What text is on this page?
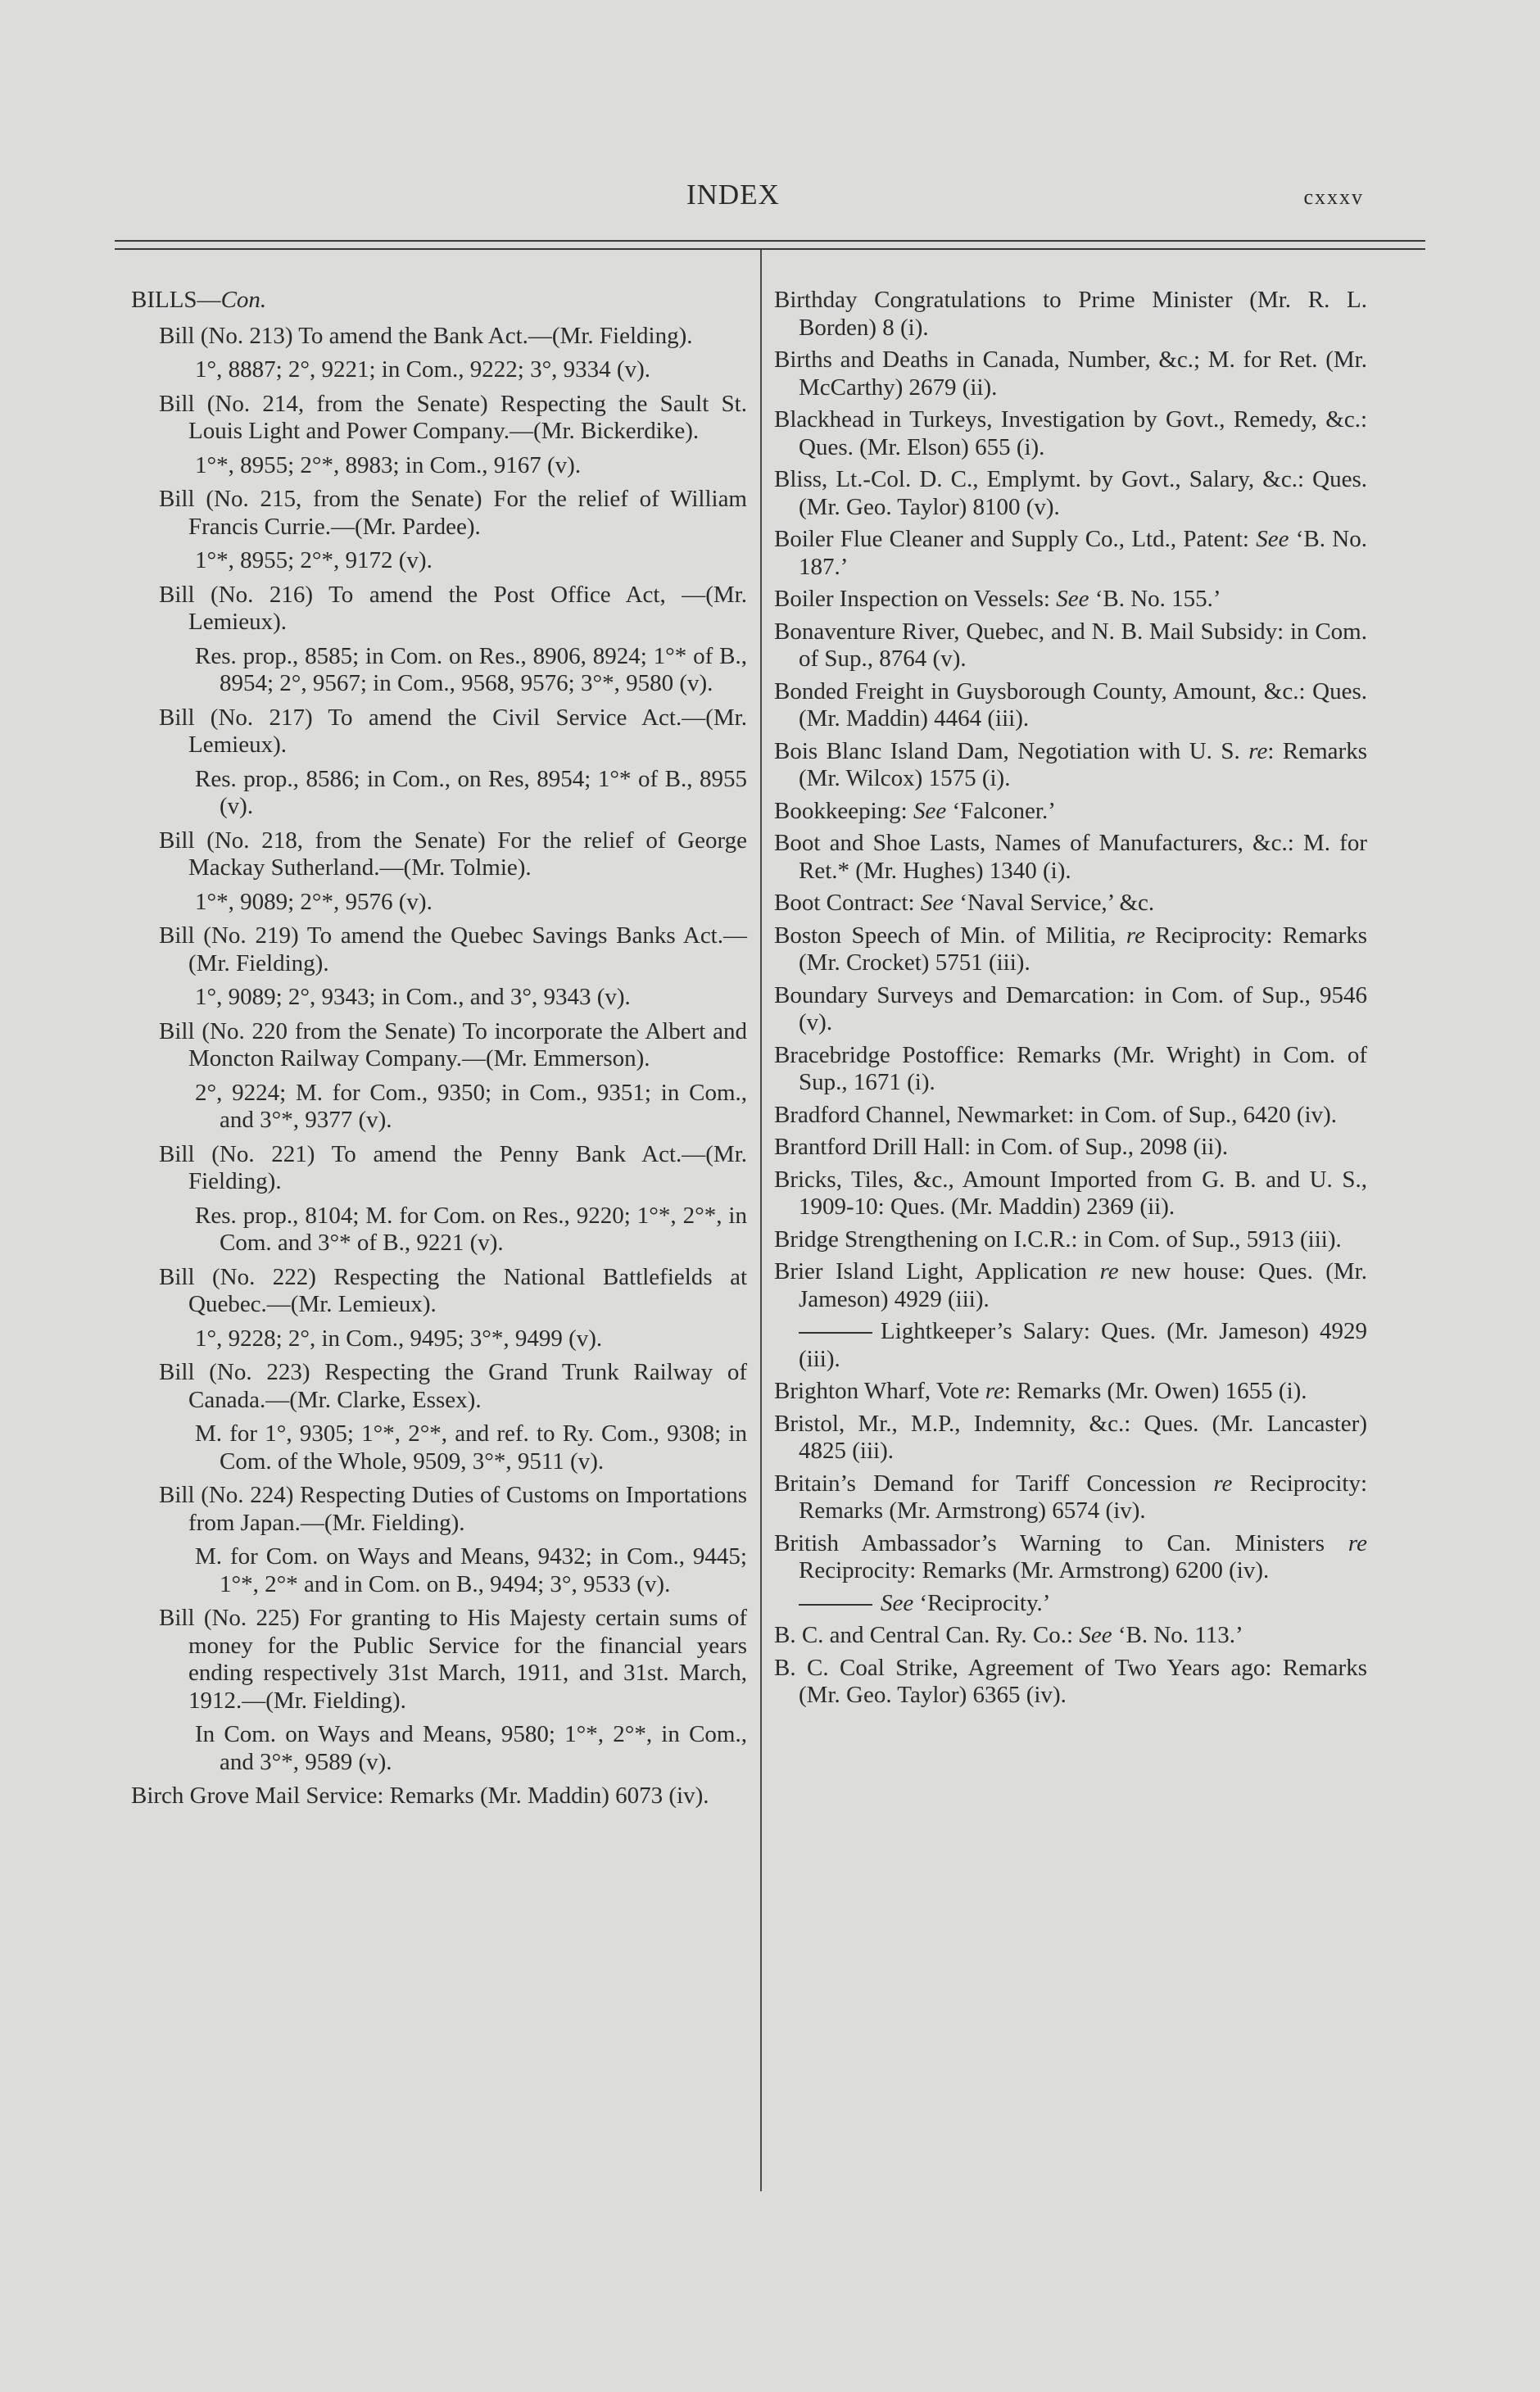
INDEX	cxxxv
BILLS—Con.
Bill (No. 213) To amend the Bank Act.—(Mr. Fielding).
1°, 8887; 2°, 9221; in Com., 9222; 3°, 9334 (v).
Bill (No. 214, from the Senate) Respecting the Sault St. Louis Light and Power Company.—(Mr. Bickerdike).
1°*, 8955; 2°*, 8983; in Com., 9167 (v).
Bill (No. 215, from the Senate) For the relief of William Francis Currie.—(Mr. Pardee).
1°*, 8955; 2°*, 9172 (v).
Bill (No. 216) To amend the Post Office Act, —(Mr. Lemieux).
Res. prop., 8585; in Com. on Res., 8906, 8924; 1°* of B., 8954; 2°, 9567; in Com., 9568, 9576; 3°*, 9580 (v).
Bill (No. 217) To amend the Civil Service Act.—(Mr. Lemieux).
Res. prop., 8586; in Com., on Res, 8954; 1°* of B., 8955 (v).
Bill (No. 218, from the Senate) For the relief of George Mackay Sutherland.—(Mr. Tolmie).
1°*, 9089; 2°*, 9576 (v).
Bill (No. 219) To amend the Quebec Savings Banks Act.—(Mr. Fielding).
1°, 9089; 2°, 9343; in Com., and 3°, 9343 (v).
Bill (No. 220 from the Senate) To incorporate the Albert and Moncton Railway Company.—(Mr. Emmerson).
2°, 9224; M. for Com., 9350; in Com., 9351; in Com., and 3°*, 9377 (v).
Bill (No. 221) To amend the Penny Bank Act.—(Mr. Fielding).
Res. prop., 8104; M. for Com. on Res., 9220; 1°*, 2°*, in Com. and 3°* of B., 9221 (v).
Bill (No. 222) Respecting the National Battlefields at Quebec.—(Mr. Lemieux).
1°, 9228; 2°, in Com., 9495; 3°*, 9499 (v).
Bill (No. 223) Respecting the Grand Trunk Railway of Canada.—(Mr. Clarke, Essex).
M. for 1°, 9305; 1°*, 2°*, and ref. to Ry. Com., 9308; in Com. of the Whole, 9509, 3°*, 9511 (v).
Bill (No. 224) Respecting Duties of Customs on Importations from Japan.—(Mr. Fielding).
M. for Com. on Ways and Means, 9432; in Com., 9445; 1°*, 2°* and in Com. on B., 9494; 3°, 9533 (v).
Bill (No. 225) For granting to His Majesty certain sums of money for the Public Service for the financial years ending respectively 31st March, 1911, and 31st. March, 1912.—(Mr. Fielding).
In Com. on Ways and Means, 9580; 1°*, 2°*, in Com., and 3°*, 9589 (v).
Birch Grove Mail Service: Remarks (Mr. Maddin) 6073 (iv).
Birthday Congratulations to Prime Minister (Mr. R. L. Borden) 8 (i).
Births and Deaths in Canada, Number, &c.; M. for Ret. (Mr. McCarthy) 2679 (ii).
Blackhead in Turkeys, Investigation by Govt., Remedy, &c.: Ques. (Mr. Elson) 655 (i).
Bliss, Lt.-Col. D. C., Emplymt. by Govt., Salary, &c.: Ques. (Mr. Geo. Taylor) 8100 (v).
Boiler Flue Cleaner and Supply Co., Ltd., Patent: See ‘B. No. 187.’
Boiler Inspection on Vessels: See ‘B. No. 155.’
Bonaventure River, Quebec, and N. B. Mail Subsidy: in Com. of Sup., 8764 (v).
Bonded Freight in Guysborough County, Amount, &c.: Ques. (Mr. Maddin) 4464 (iii).
Bois Blanc Island Dam, Negotiation with U. S. re: Remarks (Mr. Wilcox) 1575 (i).
Bookkeeping: See ‘Falconer.’
Boot and Shoe Lasts, Names of Manufacturers, &c.: M. for Ret.* (Mr. Hughes) 1340 (i).
Boot Contract: See ‘Naval Service,’ &c.
Boston Speech of Min. of Militia, re Reciprocity: Remarks (Mr. Crocket) 5751 (iii).
Boundary Surveys and Demarcation: in Com. of Sup., 9546 (v).
Bracebridge Postoffice: Remarks (Mr. Wright) in Com. of Sup., 1671 (i).
Bradford Channel, Newmarket: in Com. of Sup., 6420 (iv).
Brantford Drill Hall: in Com. of Sup., 2098 (ii).
Bricks, Tiles, &c., Amount Imported from G. B. and U. S., 1909-10: Ques. (Mr. Maddin) 2369 (ii).
Bridge Strengthening on I.C.R.: in Com. of Sup., 5913 (iii).
Brier Island Light, Application re new house: Ques. (Mr. Jameson) 4929 (iii).
Lightkeeper’s Salary: Ques. (Mr. Jameson) 4929 (iii).
Brighton Wharf, Vote re: Remarks (Mr. Owen) 1655 (i).
Bristol, Mr., M.P., Indemnity, &c.: Ques. (Mr. Lancaster) 4825 (iii).
Britain’s Demand for Tariff Concession re Reciprocity: Remarks (Mr. Armstrong) 6574 (iv).
British Ambassador’s Warning to Can. Ministers re Reciprocity: Remarks (Mr. Armstrong) 6200 (iv).
See ‘Reciprocity.’
B. C. and Central Can. Ry. Co.: See ‘B. No. 113.’
B. C. Coal Strike, Agreement of Two Years ago: Remarks (Mr. Geo. Taylor) 6365 (iv).
